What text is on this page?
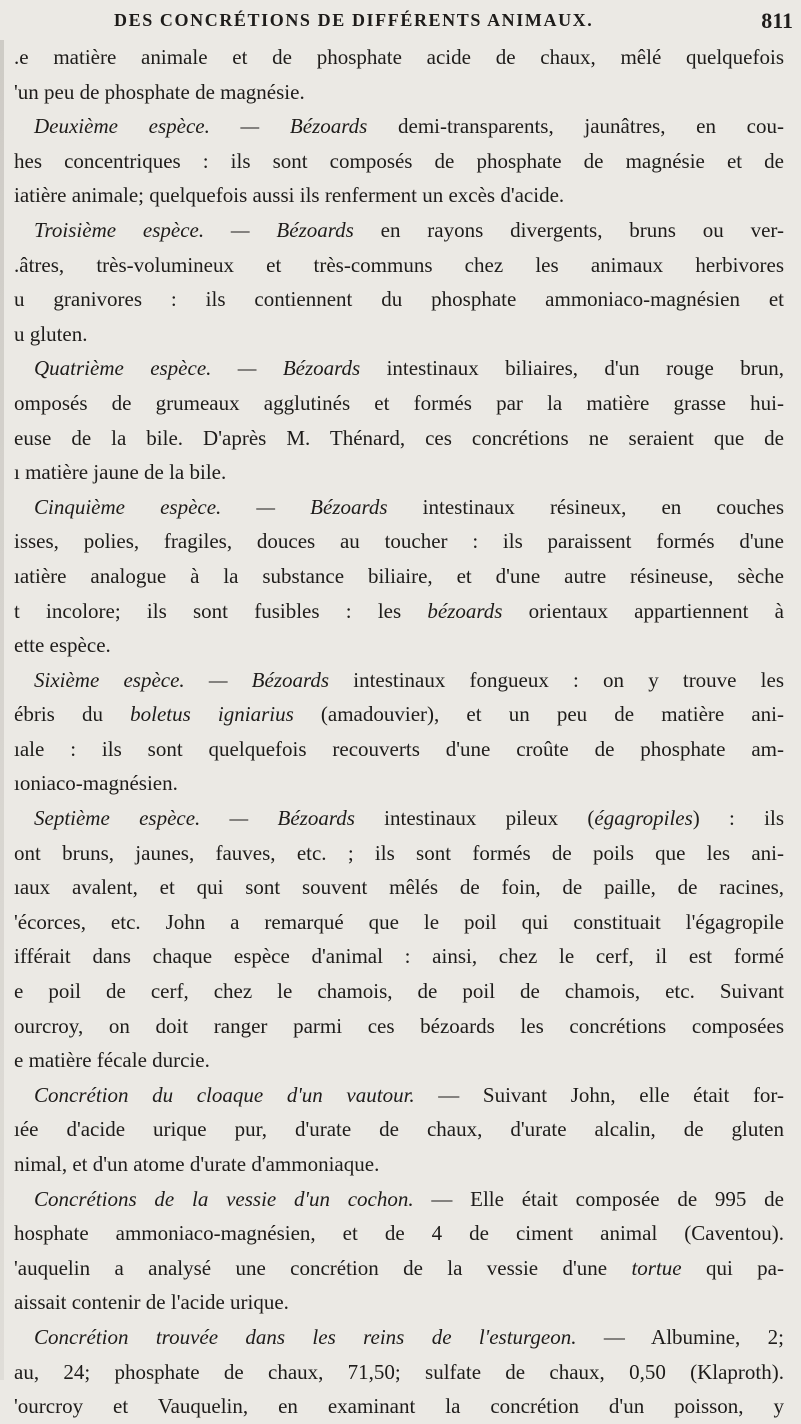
DES CONCRÉTIONS DE DIFFÉRENTS ANIMAUX.	811
.e matière animale et de phosphate acide de chaux, mêlé quelquefois
'un peu de phosphate de magnésie.
Deuxième espèce. — Bézoards demi-transparents, jaunâtres, en cou-
hes concentriques : ils sont composés de phosphate de magnésie et de
iatière animale; quelquefois aussi ils renferment un excès d'acide.
Troisième espèce. — Bézoards en rayons divergents, bruns ou ver-
.âtres, très-volumineux et très-communs chez les animaux herbivores
u granivores : ils contiennent du phosphate ammoniaco-magnésien et
u gluten.
Quatrième espèce. — Bézoards intestinaux biliaires, d'un rouge brun,
omposés de grumeaux agglutinés et formés par la matière grasse hui-
euse de la bile. D'après M. Thénard, ces concrétions ne seraient que de
ı matière jaune de la bile.
Cinquième espèce. — Bézoards intestinaux résineux, en couches
isses, polies, fragiles, douces au toucher : ils paraissent formés d'une
ıatière analogue à la substance biliaire, et d'une autre résineuse, sèche
t incolore; ils sont fusibles : les bézoards orientaux appartiennent à
ette espèce.
Sixième espèce. — Bézoards intestinaux fongueux : on y trouve les
ébris du boletus igniarius (amadouvier), et un peu de matière ani-
ıale : ils sont quelquefois recouverts d'une croûte de phosphate am-
ıoniaco-magnésien.
Septième espèce. — Bézoards intestinaux pileux (égagropiles) : ils
ont bruns, jaunes, fauves, etc. ; ils sont formés de poils que les ani-
ıaux avalent, et qui sont souvent mêlés de foin, de paille, de racines,
'écorces, etc. John a remarqué que le poil qui constituait l'égagropile
ifférait dans chaque espèce d'animal : ainsi, chez le cerf, il est formé
e poil de cerf, chez le chamois, de poil de chamois, etc. Suivant
ourcroy, on doit ranger parmi ces bézoards les concrétions composées
e matière fécale durcie.
Concrétion du cloaque d'un vautour. — Suivant John, elle était for-
ıée d'acide urique pur, d'urate de chaux, d'urate alcalin, de gluten
nimal, et d'un atome d'urate d'ammoniaque.
Concrétions de la vessie d'un cochon. — Elle était composée de 995 de
hosphate ammoniaco-magnésien, et de 4 de ciment animal (Caventou).
'auquelin a analysé une concrétion de la vessie d'une tortue qui pa-
aissait contenir de l'acide urique.
Concrétion trouvée dans les reins de l'esturgeon. — Albumine, 2;
au, 24; phosphate de chaux, 71,50; sulfate de chaux, 0,50 (Klaproth).
'ourcroy et Vauquelin, en examinant la concrétion d'un poisson, y
